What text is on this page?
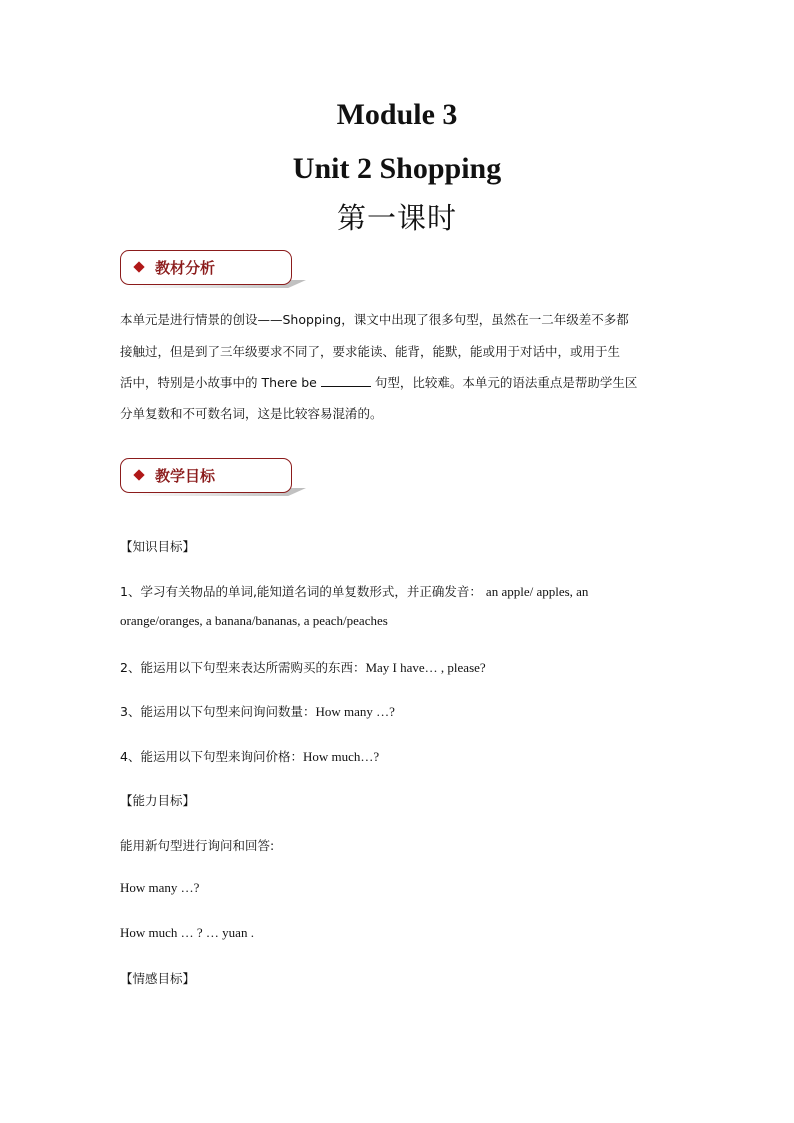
Module 3
Unit 2 Shopping
第一课时
教材分析
本单元是进行情景的创设——Shopping，课文中出现了很多句型，虽然在一二年级差不多都
接触过，但是到了三年级要求不同了，要求能读、能背，能默，能或用于对话中，或用于生
活中，特别是小故事中的 There be	句型，比较难。本单元的语法重点是帮助学生区
分单复数和不可数名词，这是比较容易混淆的。
教学目标
【知识目标】
1、学习有关物品的单词,能知道名词的单复数形式，并正确发音： an apple/ apples, an
orange/oranges, a banana/bananas, a peach/peaches
2、能运用以下句型来表达所需购买的东西：May I have… , please?
3、能运用以下句型来问询问数量：How many …?
4、能运用以下句型来询问价格：How much…?
【能力目标】
能用新句型进行询问和回答:
How many …?
How much … ? … yuan .
【情感目标】
